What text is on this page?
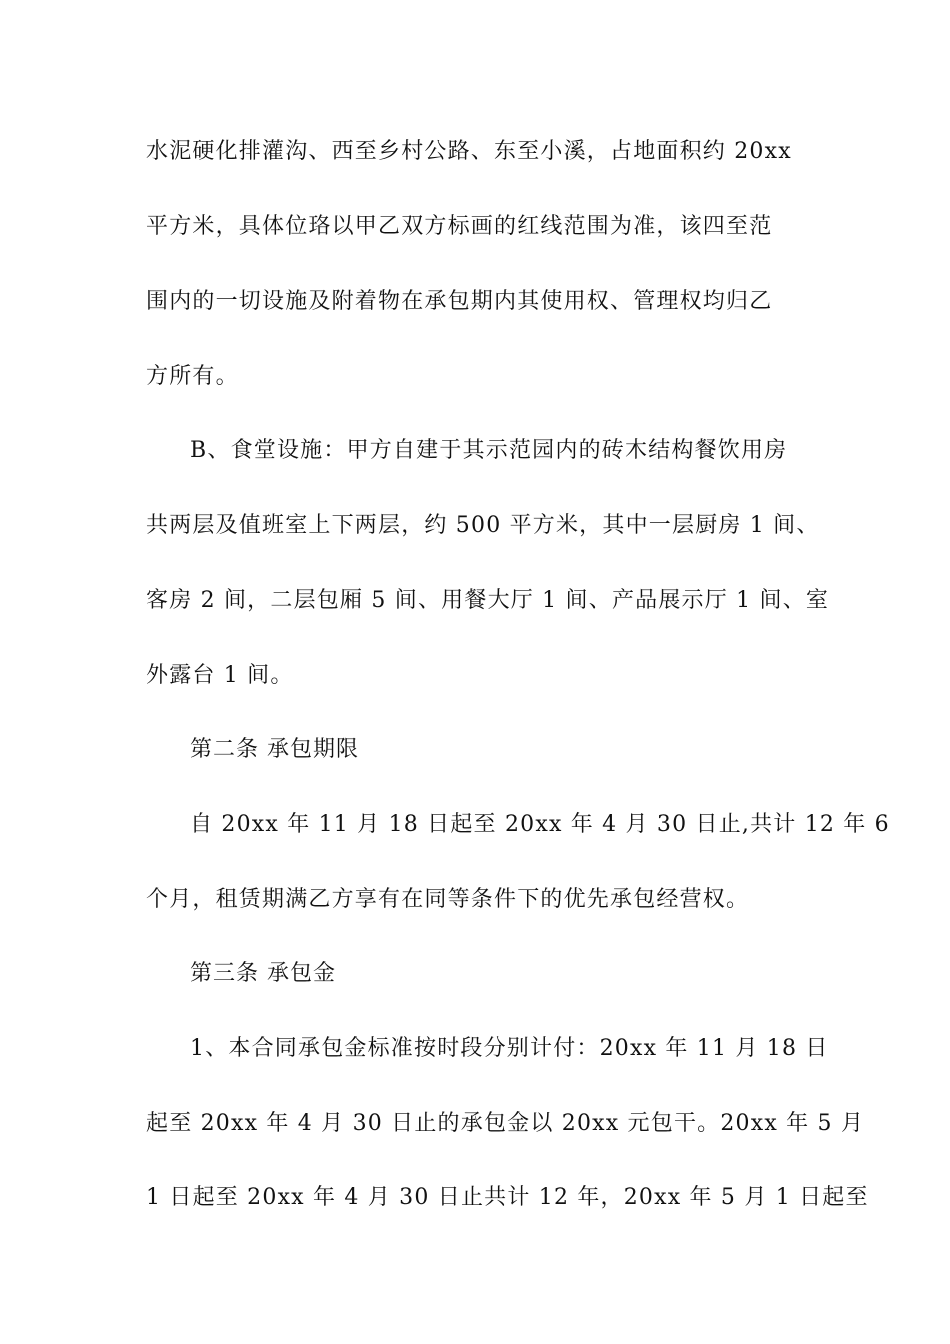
水泥硬化排灌沟、西至乡村公路、东至小溪，占地面积约 20xx
平方米，具体位珞以甲乙双方标画的红线范围为准，该四至范
围内的一切设施及附着物在承包期内其使用权、管理权均归乙
方所有。
B、食堂设施：甲方自建于其示范园内的砖木结构餐饮用房
共两层及值班室上下两层，约 500 平方米，其中一层厨房 1 间、
客房 2 间，二层包厢 5 间、用餐大厅 1 间、产品展示厅 1 间、室
外露台 1 间。
第二条 承包期限
自 20xx 年 11 月 18 日起至 20xx 年 4 月 30 日止,共计 12 年 6
个月，租赁期满乙方享有在同等条件下的优先承包经营权。
第三条 承包金
1、本合同承包金标准按时段分别计付：20xx 年 11 月 18 日
起至 20xx 年 4 月 30 日止的承包金以 20xx 元包干。20xx 年 5 月
1 日起至 20xx 年 4 月 30 日止共计 12 年，20xx 年 5 月 1 日起至
